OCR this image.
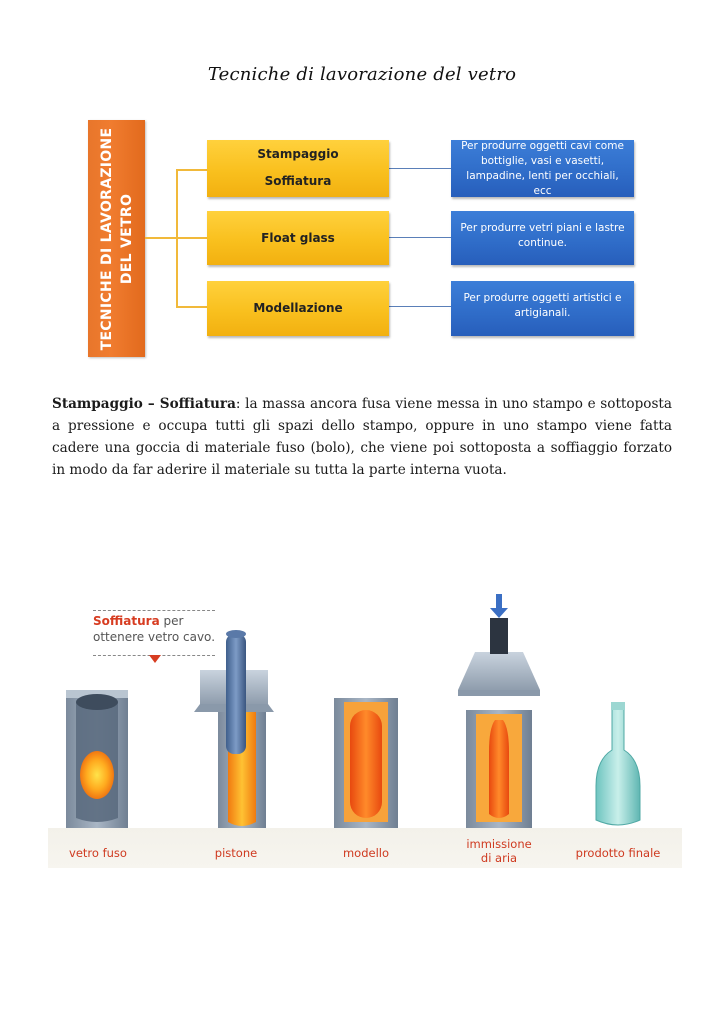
Tecniche di lavorazione del vetro
TECNICHE DI LAVORAZIONE DEL VETRO
Stampaggio
Soffiatura
Float glass
Modellazione
Per produrre oggetti cavi come bottiglie, vasi e vasetti, lampadine, lenti per occhiali, ecc
Per produrre vetri piani e lastre continue.
Per produrre oggetti artistici e artigianali.
Stampaggio – Soffiatura: la massa ancora fusa viene messa in uno stampo e sottoposta a pressione e occupa tutti gli spazi dello stampo, oppure in uno stampo viene fatta cadere una goccia di materiale fuso (bolo), che viene poi sottoposta a soffiaggio forzato in modo da far aderire il materiale su tutta la parte interna vuota.
Soffiatura per
ottenere vetro cavo.
vetro fuso	pistone	modello
immissione
di aria	prodotto finale
